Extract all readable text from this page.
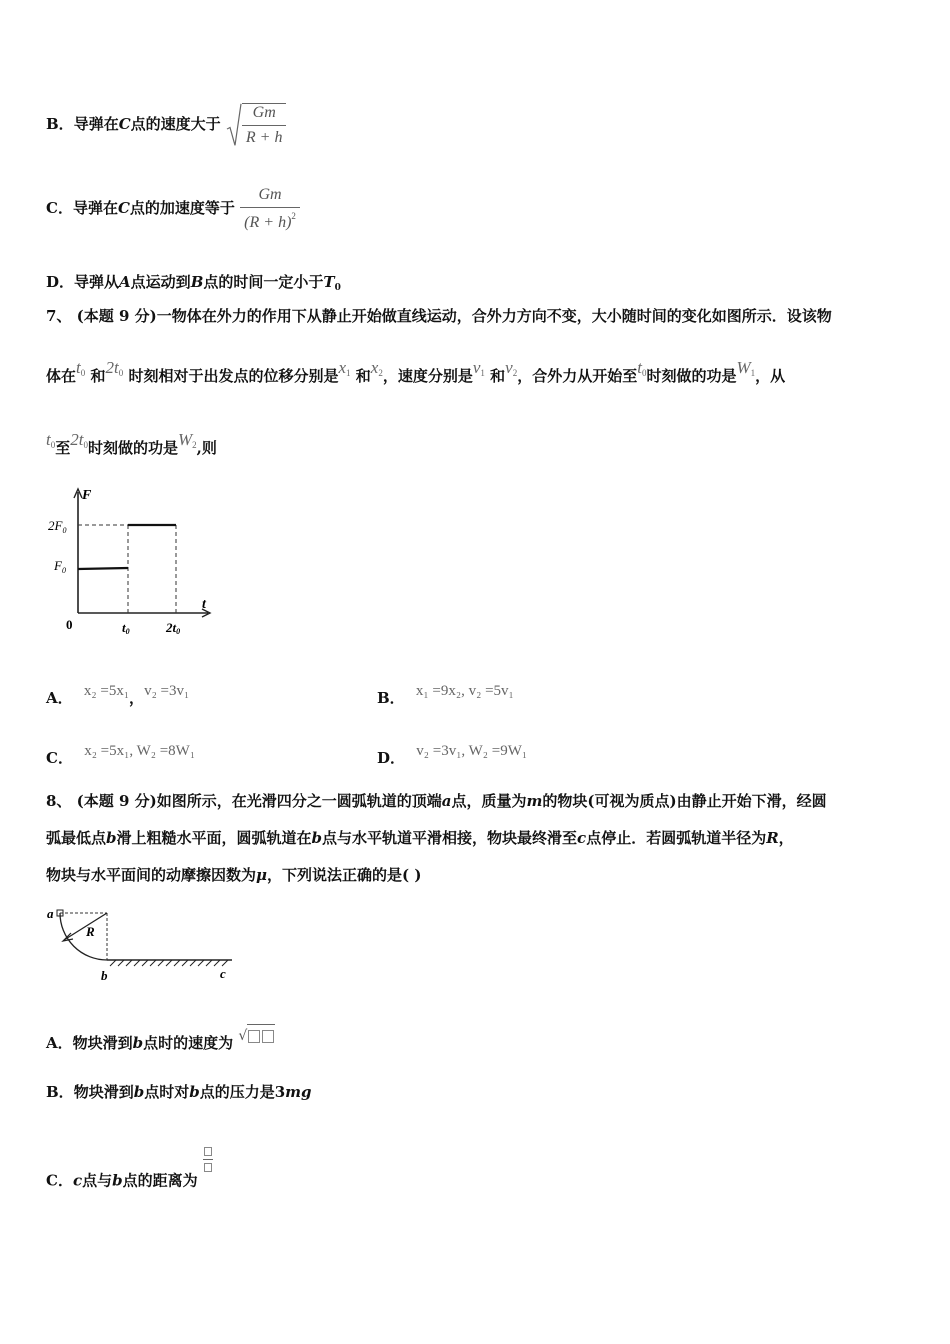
B．导弹在C点的速度大于 $\frac{Gm}{R + h}$
C．导弹在C点的加速度等于 $\frac{Gm}{(R + h)^2}$
D．导弹从A点运动到B点的时间一定小于$T_0$
7、 (本题 9 分)一物体在外力的作用下从静止开始做直线运动，合外力方向不变，大小随时间的变化如图所示．设该物
体在$t_0$ 和$2t_0$ 时刻相对于出发点的位移分别是$x_1$ 和$x_2$，速度分别是$v_1$ 和$v_2$，合外力从开始至$t_0$时刻做的功是$W_1$，从
$t_0$至$2t_0$时刻做的功是$W_2$,则
F
t
$2F_0$
$F_0$
0	t0	2t0
A． x₂ =5x₁，v₂ =3v₁	B． x₁ =9x₂, v₂ =5v₁
C． x₂ =5x₁, W₂ =8W₁	D． v₂ =3v₁, W₂ =9W₁
8、 (本题 9 分)如图所示，在光滑四分之一圆弧轨道的顶端a点，质量为m的物块(可视为质点)由静止开始下滑，经圆
弧最低点b滑上粗糙水平面，圆弧轨道在b点与水平轨道平滑相接，物块最终滑至c点停止．若圆弧轨道半径为R，
物块与水平面间的动摩擦因数为μ，下列说法正确的是( )
a
R
b	c
A．物块滑到b点时的速度为 √
B．物块滑到b点时对b点的压力是3mg
C．c点与b点的距离为
